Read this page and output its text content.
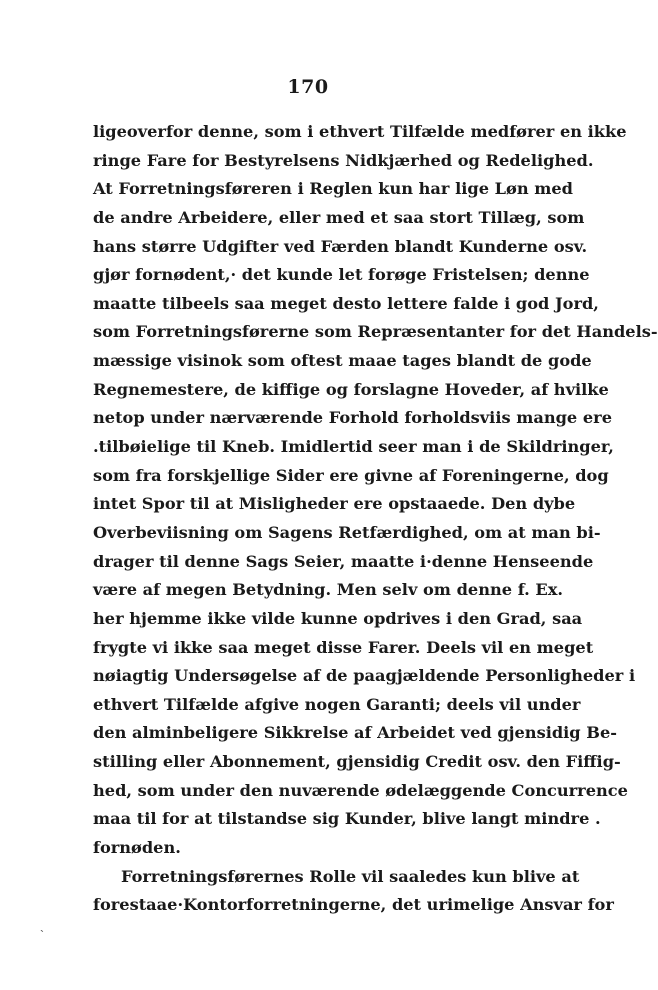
170
ligeoverfor denne, som i ethvert Tilfælde medfører en ikke
ringe Fare for Bestyrelsens Nidkjærhed og Redelighed.
At Forretningsføreren i Reglen kun har lige Løn med
de andre Arbeidere, eller med et saa stort Tillæg, som
hans større Udgifter ved Færden blandt Kunderne osv.
gjør fornødent,· det kunde let forøge Fristelsen; denne
maatte tilbeels saa meget desto lettere falde i god Jord,
som Forretningsførerne som Repræsentanter for det Handels-
mæssige visinok som oftest maae tages blandt de gode
Regnemestere, de kiffige og forslagne Hoveder, af hvilke
netop under nærværende Forhold forholdsviis mange ere
.tilbøielige til Kneb. Imidlertid seer man i de Skildringer,
som fra forskjellige Sider ere givne af Foreningerne, dog
intet Spor til at Misligheder ere opstaaede. Den dybe
Overbeviisning om Sagens Retfærdighed, om at man bi-
drager til denne Sags Seier, maatte i·denne Henseende
være af megen Betydning. Men selv om denne f. Ex.
her hjemme ikke vilde kunne opdrives i den Grad, saa
frygte vi ikke saa meget disse Farer. Deels vil en meget
nøiagtig Undersøgelse af de paagjældende Personligheder i
ethvert Tilfælde afgive nogen Garanti; deels vil under
den alminbeligere Sikkrelse af Arbeidet ved gjensidig Be-
stilling eller Abonnement, gjensidig Credit osv. den Fiffig-
hed, som under den nuværende ødelæggende Concurrence
maa til for at tilstandse sig Kunder, blive langt mindre .
fornøden.
Forretningsførernes Rolle vil saaledes kun blive at
forestaae·Kontorforretningerne, det urimelige Ansvar for
˴
